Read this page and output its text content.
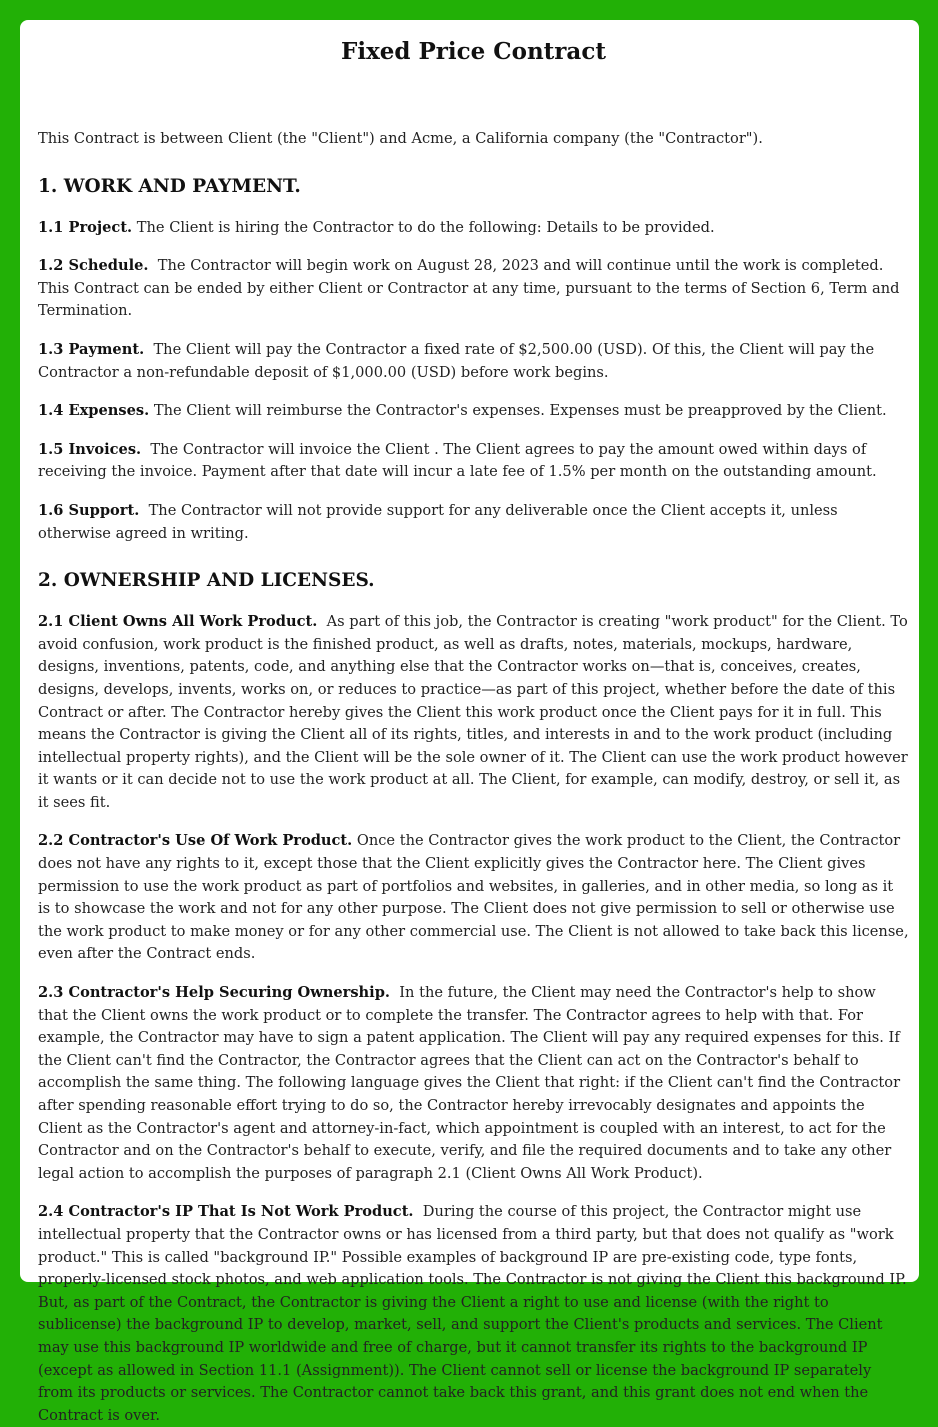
Fixed Price Contract

This Contract is between Client (the "Client") and Acme, a California company (the "Contractor").

1. WORK AND PAYMENT.

1.1 Project. The Client is hiring the Contractor to do the following: Details to be provided.

1.2 Schedule. The Contractor will begin work on August 28, 2023 and will continue until the work is completed. This Contract can be ended by either Client or Contractor at any time, pursuant to the terms of Section 6, Term and Termination.

1.3 Payment. The Client will pay the Contractor a fixed rate of $2,500.00 (USD). Of this, the Client will pay the Contractor a non-refundable deposit of $1,000.00 (USD) before work begins.

1.4 Expenses. The Client will reimburse the Contractor's expenses. Expenses must be preapproved by the Client.

1.5 Invoices. The Contractor will invoice the Client . The Client agrees to pay the amount owed within days of receiving the invoice. Payment after that date will incur a late fee of 1.5% per month on the outstanding amount.

1.6 Support. The Contractor will not provide support for any deliverable once the Client accepts it, unless otherwise agreed in writing.

2. OWNERSHIP AND LICENSES.

2.1 Client Owns All Work Product. As part of this job, the Contractor is creating "work product" for the Client. To avoid confusion, work product is the finished product, as well as drafts, notes, materials, mockups, hardware, designs, inventions, patents, code, and anything else that the Contractor works on—that is, conceives, creates, designs, develops, invents, works on, or reduces to practice—as part of this project, whether before the date of this Contract or after. The Contractor hereby gives the Client this work product once the Client pays for it in full. This means the Contractor is giving the Client all of its rights, titles, and interests in and to the work product (including intellectual property rights), and the Client will be the sole owner of it. The Client can use the work product however it wants or it can decide not to use the work product at all. The Client, for example, can modify, destroy, or sell it, as it sees fit.

2.2 Contractor's Use Of Work Product. Once the Contractor gives the work product to the Client, the Contractor does not have any rights to it, except those that the Client explicitly gives the Contractor here. The Client gives permission to use the work product as part of portfolios and websites, in galleries, and in other media, so long as it is to showcase the work and not for any other purpose. The Client does not give permission to sell or otherwise use the work product to make money or for any other commercial use. The Client is not allowed to take back this license, even after the Contract ends.

2.3 Contractor's Help Securing Ownership. In the future, the Client may need the Contractor's help to show that the Client owns the work product or to complete the transfer. The Contractor agrees to help with that. For example, the Contractor may have to sign a patent application. The Client will pay any required expenses for this. If the Client can't find the Contractor, the Contractor agrees that the Client can act on the Contractor's behalf to accomplish the same thing. The following language gives the Client that right: if the Client can't find the Contractor after spending reasonable effort trying to do so, the Contractor hereby irrevocably designates and appoints the Client as the Contractor's agent and attorney-in-fact, which appointment is coupled with an interest, to act for the Contractor and on the Contractor's behalf to execute, verify, and file the required documents and to take any other legal action to accomplish the purposes of paragraph 2.1 (Client Owns All Work Product).

2.4 Contractor's IP That Is Not Work Product. During the course of this project, the Contractor might use intellectual property that the Contractor owns or has licensed from a third party, but that does not qualify as "work product." This is called "background IP." Possible examples of background IP are pre-existing code, type fonts, properly-licensed stock photos, and web application tools. The Contractor is not giving the Client this background IP. But, as part of the Contract, the Contractor is giving the Client a right to use and license (with the right to sublicense) the background IP to develop, market, sell, and support the Client's products and services. The Client may use this background IP worldwide and free of charge, but it cannot transfer its rights to the background IP (except as allowed in Section 11.1 (Assignment)). The Client cannot sell or license the background IP separately from its products or services. The Contractor cannot take back this grant, and this grant does not end when the Contract is over.
